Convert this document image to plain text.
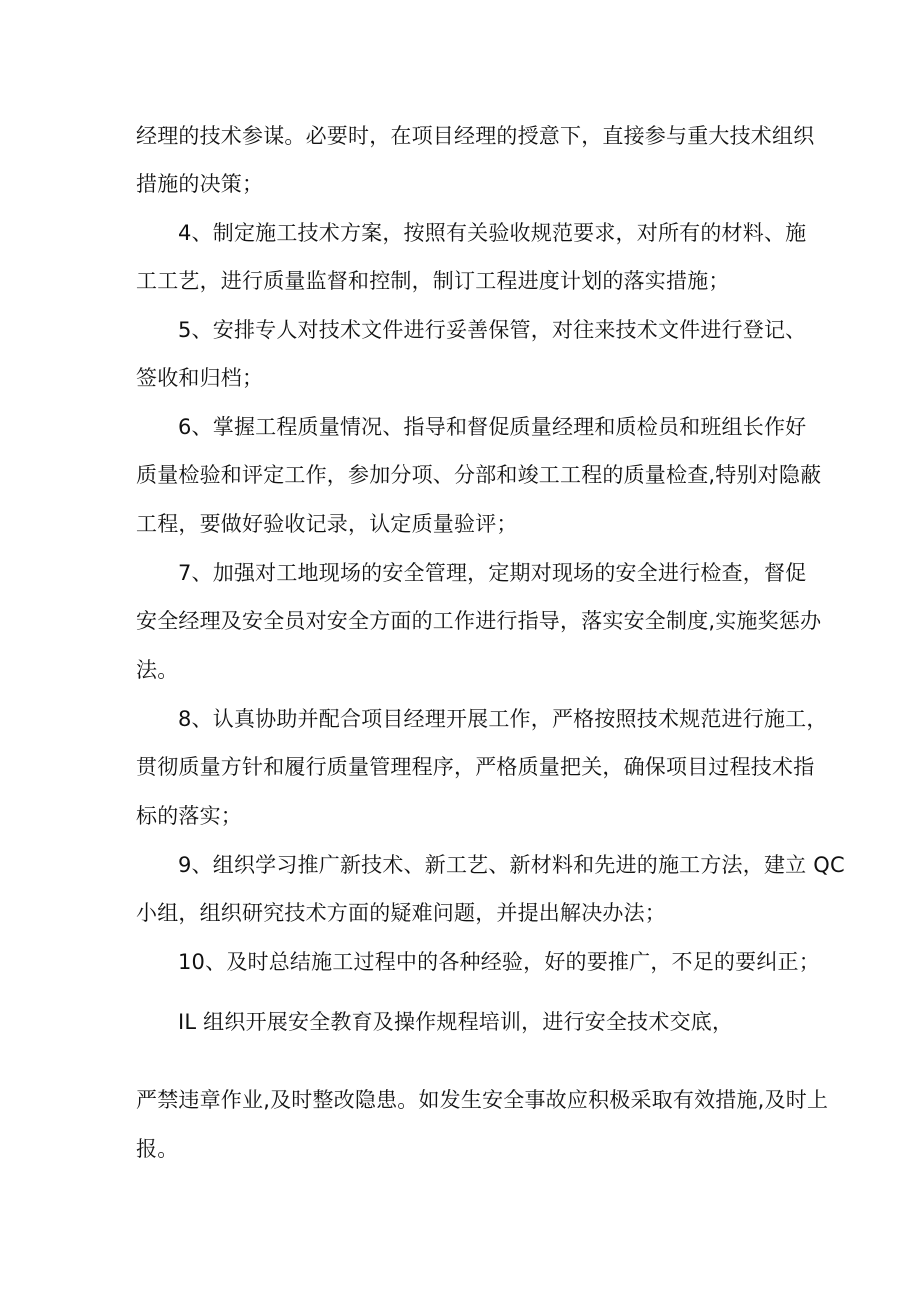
经理的技术参谋。必要时，在项目经理的授意下，直接参与重大技术组织
措施的决策；
4、制定施工技术方案，按照有关验收规范要求，对所有的材料、施
工工艺，进行质量监督和控制，制订工程进度计划的落实措施；
5、安排专人对技术文件进行妥善保管，对往来技术文件进行登记、
签收和归档；
6、掌握工程质量情况、指导和督促质量经理和质检员和班组长作好
质量检验和评定工作，参加分项、分部和竣工工程的质量检查,特别对隐蔽
工程，要做好验收记录，认定质量验评；
7、加强对工地现场的安全管理，定期对现场的安全进行检查，督促
安全经理及安全员对安全方面的工作进行指导，落实安全制度,实施奖惩办
法。
8、认真协助并配合项目经理开展工作，严格按照技术规范进行施工，
贯彻质量方针和履行质量管理程序，严格质量把关，确保项目过程技术指
标的落实；
9、组织学习推广新技术、新工艺、新材料和先进的施工方法，建立 QC
小组，组织研究技术方面的疑难问题，并提出解决办法；
10、及时总结施工过程中的各种经验，好的要推广，不足的要纠正；
IL 组织开展安全教育及操作规程培训，进行安全技术交底，
严禁违章作业,及时整改隐患。如发生安全事故应积极采取有效措施,及时上
报。
